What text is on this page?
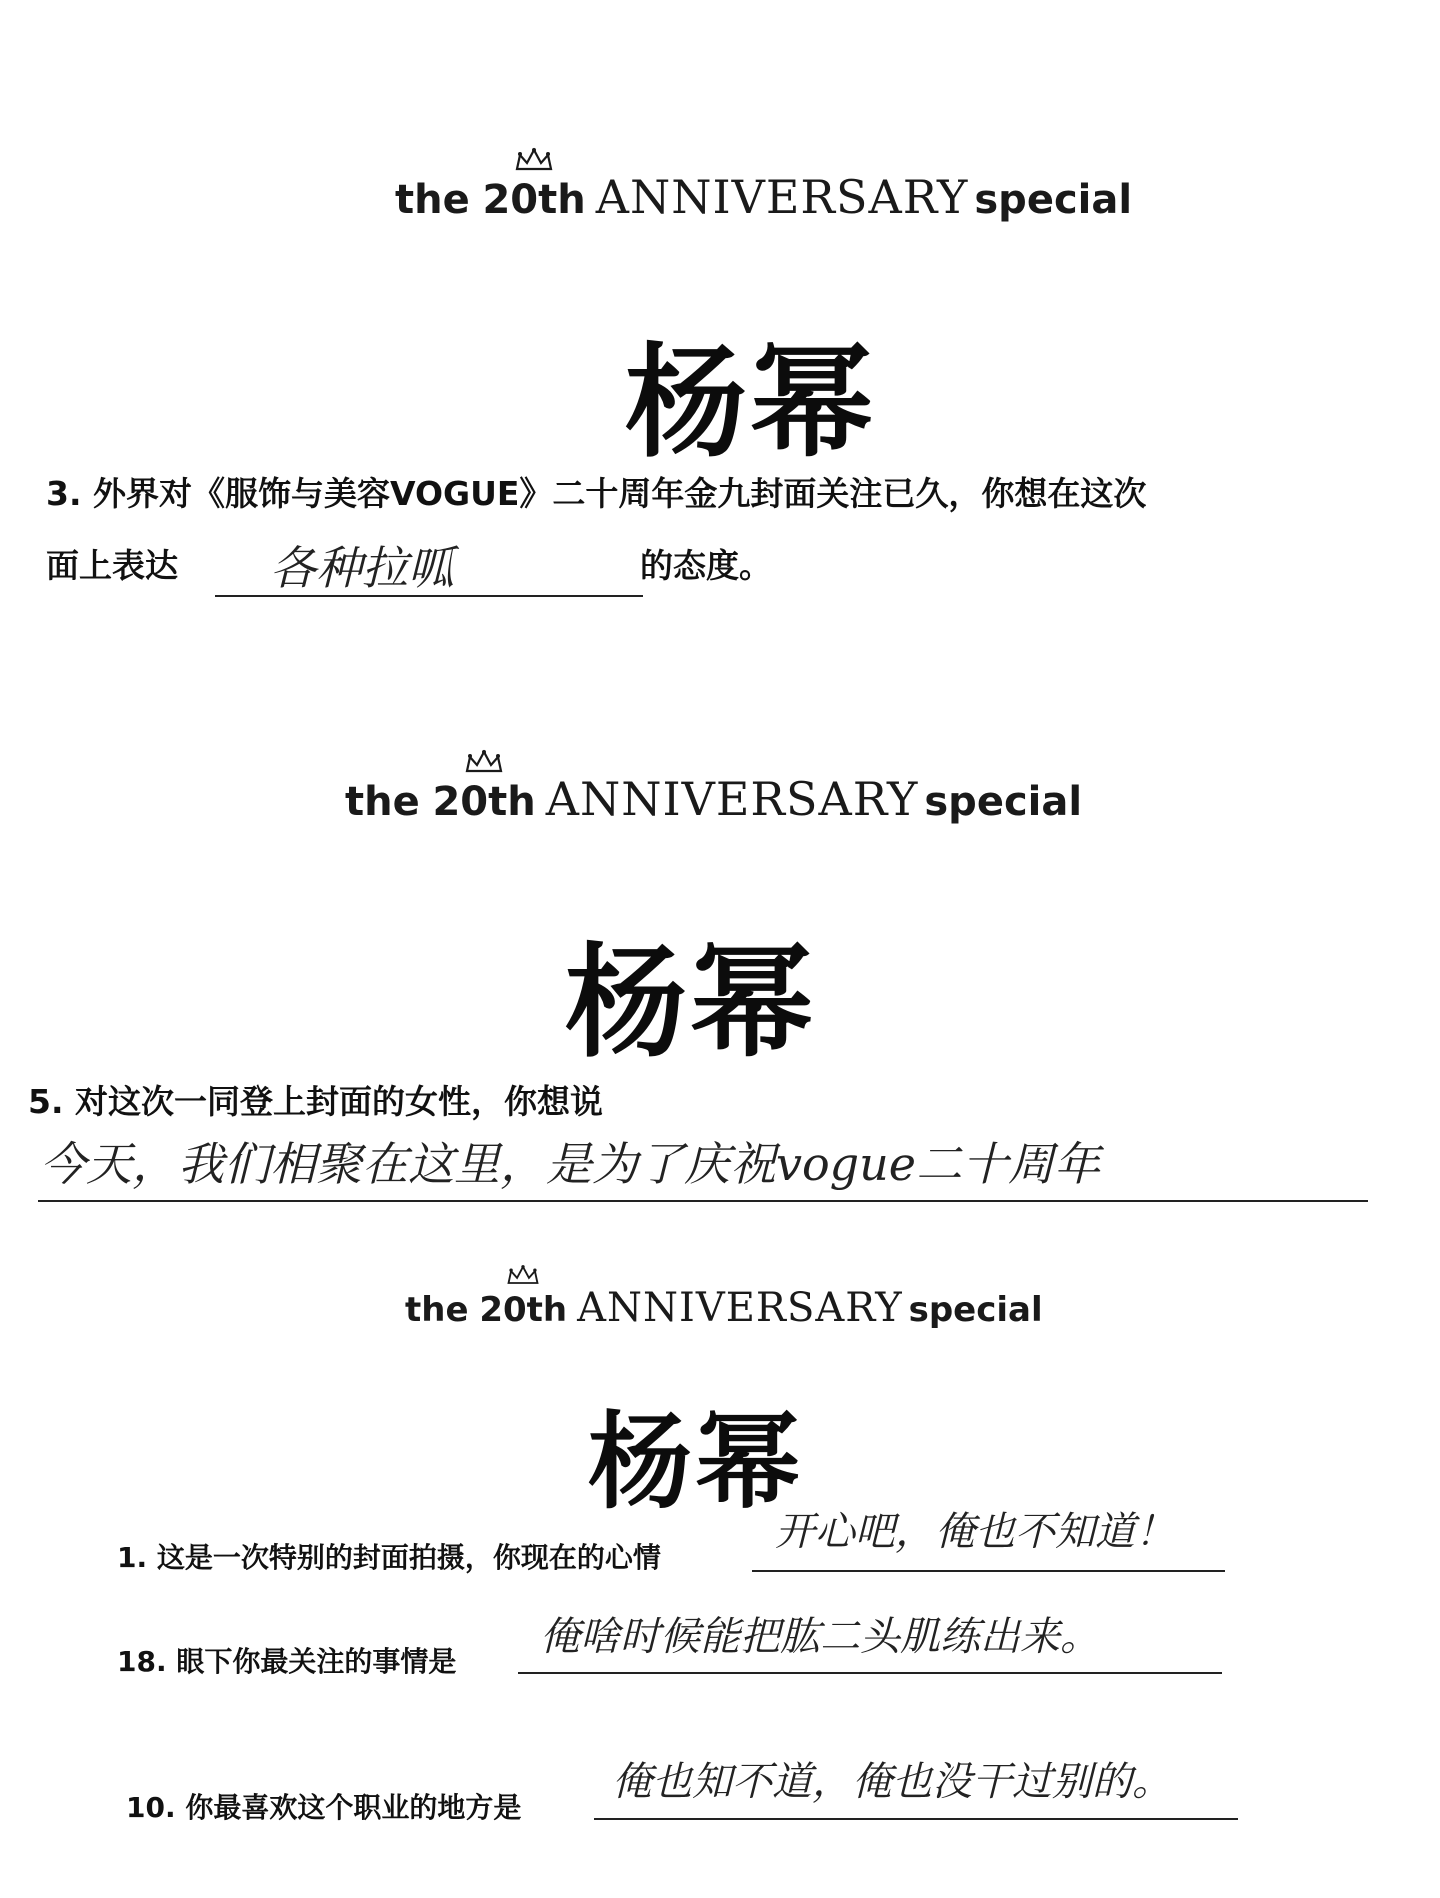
the
20th ANNIVERSARY special
杨幂
3. 外界对《服饰与美容VOGUE》二十周年金九封面关注已久，你想在这次
面上表达 各种拉呱	的态度。
the
20th ANNIVERSARY special
杨幂
5. 对这次一同登上封面的女性，你想说
今天，我们相聚在这里，是为了庆祝vogue二十周年
the
20th ANNIVERSARY special
杨幂
1. 这是一次特别的封面拍摄，你现在的心情
开心吧，俺也不知道！
18. 眼下你最关注的事情是
俺啥时候能把肱二头肌练出来。
10. 你最喜欢这个职业的地方是
俺也知不道，俺也没干过别的。
